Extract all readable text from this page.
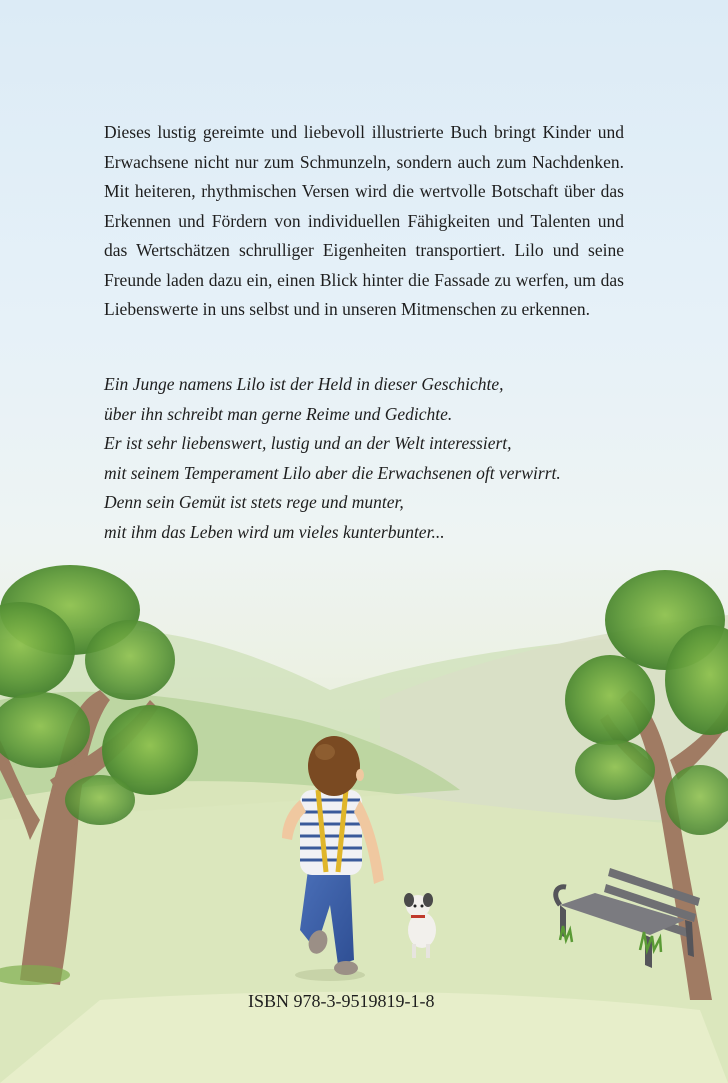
Dieses lustig gereimte und liebevoll illustrierte Buch bringt Kinder und Erwachsene nicht nur zum Schmunzeln, sondern auch zum Nachdenken. Mit heiteren, rhythmischen Versen wird die wertvolle Botschaft über das Erkennen und Fördern von individuellen Fähigkeiten und Talenten und das Wertschätzen schrulliger Eigenheiten transportiert. Lilo und seine Freunde laden dazu ein, einen Blick hinter die Fassade zu werfen, um das Liebenswerte in uns selbst und in unseren Mitmenschen zu erkennen.

Ein Junge namens Lilo ist der Held in dieser Geschichte,
über ihn schreibt man gerne Reime und Gedichte.
Er ist sehr liebenswert, lustig und an der Welt interessiert,
mit seinem Temperament Lilo aber die Erwachsenen oft verwirrt.
Denn sein Gemüt ist stets rege und munter,
mit ihm das Leben wird um vieles kunterbunter...
ISBN 978-3-9519819-1-8
